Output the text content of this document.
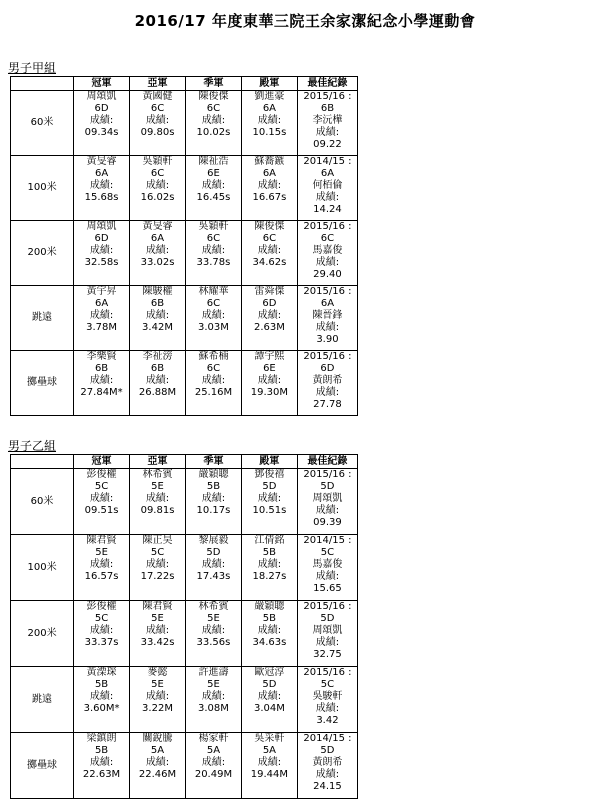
2016/17 年度東華三院王余家潔紀念小學運動會
男子甲組
	冠軍	亞軍	季軍	殿軍	最佳紀錄
60米	周頌凱
6D
成績:
09.34s	黃國健
6C
成績:
09.80s	陳俊傑
6C
成績:
10.02s	劉進豪
6A
成績:
10.15s	2015/16 :
6B
李沅樺
成績:
09.22

100米	黃旻睿
6A
成績:
15.68s	吳穎軒
6C
成績:
16.02s	陳祉浩
6E
成績:
16.45s	蘇蕎鏃
6A
成績:
16.67s	2014/15 :
6A
何栢倫
成績:
14.24

200米	周頌凱
6D
成績:
32.58s	黃旻睿
6A
成績:
33.02s	吳穎軒
6C
成績:
33.78s	陳俊傑
6C
成績:
34.62s	2015/16 :
6C
馬嘉俊
成績:
29.40

跳遠	黃宇昇
6A
成績:
3.78M	陳駿權
6B
成績:
3.42M	林耀華
6C
成績:
3.03M	雷舜傑
6D
成績:
2.63M	2015/16 :
6A
陳晉鋒
成績:
3.90

擲壘球	李樂賢
6B
成績:
27.84M*	李祉滂
6B
成績:
26.88M	蘇希楠
6C
成績:
25.16M	譚宇熙
6E
成績:
19.30M	2015/16 :
6D
黃朗希
成績:
27.78
男子乙組
	冠軍	亞軍	季軍	殿軍	最佳紀錄
60米	彭俊權
5C
成績:
09.51s	林希賓
5E
成績:
09.81s	嚴穎聰
5B
成績:
10.17s	鄧俊禧
5D
成績:
10.51s	2015/16 :
5D
周頌凱
成績:
09.39

100米	陳君賢
5E
成績:
16.57s	陳正昊
5C
成績:
17.22s	黎展毅
5D
成績:
17.43s	江倩銘
5B
成績:
18.27s	2014/15 :
5C
馬嘉俊
成績:
15.65

200米	彭俊權
5C
成績:
33.37s	陳君賢
5E
成績:
33.42s	林希賓
5E
成績:
33.56s	嚴穎聰
5B
成績:
34.63s	2015/16 :
5D
周頌凱
成績:
32.75

跳遠	黃溧琛
5B
成績:
3.60M*	麥懿
5E
成績:
3.22M	許進濤
5E
成績:
3.08M	歐冠淳
5D
成績:
3.04M	2015/16 :
5C
吳駿軒
成績:
3.42

擲壘球	梁鎮朗
5B
成績:
22.63M	關銳騰
5A
成績:
22.46M	楊家軒
5A
成績:
20.49M	吳采軒
5A
成績:
19.44M	2014/15 :
5D
黃朗希
成績:
24.15
